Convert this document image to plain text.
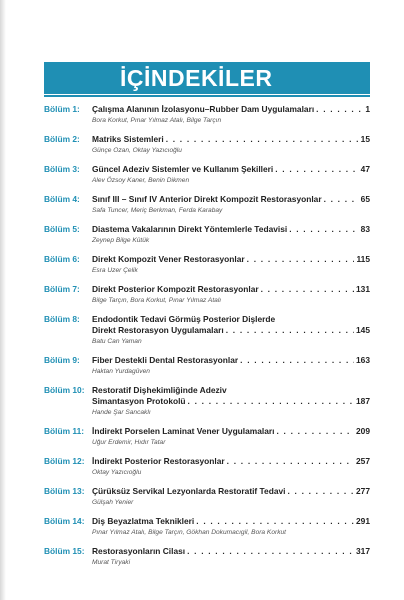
İÇİNDEKİLER
Bölüm 1:	Çalışma Alanının İzolasyonu–Rubber Dam Uygulamaları . . .	1
Bora Korkut, Pınar Yılmaz Atalı, Bilge Tarçın
Bölüm 2:	Matriks Sistemleri . . .	15
Günçe Ozan, Oktay Yazıcıoğlu
Bölüm 3:	Güncel Adeziv Sistemler ve Kullanım Şekilleri . . .	47
Alev Özsoy Kaner, Benin Dikmen
Bölüm 4:	Sınıf III – Sınıf IV Anterior Direkt Kompozit Restorasyonlar . . .	65
Safa Tuncer, Meriç Berkman, Ferda Karabay
Bölüm 5:	Diastema Vakalarının Direkt Yöntemlerle Tedavisi . . .	83
Zeynep Bilge Kütük
Bölüm 6:	Direkt Kompozit Vener Restorasyonlar . . .	115
Esra Uzer Çelik
Bölüm 7:	Direkt Posterior Kompozit Restorasyonlar . . .	131
Bilge Tarçın, Bora Korkut, Pınar Yılmaz Atalı
Bölüm 8:	Endodontik Tedavi Görmüş Posterior Dişlerde
Direkt Restorasyon Uygulamaları . . .	145
Batu Can Yaman
Bölüm 9:	Fiber Destekli Dental Restorasyonlar . . .	163
Haktan Yurdagüven
Bölüm 10: Restoratif Dişhekimliğinde Adeziv
Simantasyon Protokolü . . .	187
Hande Şar Sancaklı
Bölüm 11: İndirekt Porselen Laminat Vener Uygulamaları . . .	209
Uğur Erdemir, Hıdır Tatar
Bölüm 12: İndirekt Posterior Restorasyonlar . . .	257
Oktay Yazıcıoğlu
Bölüm 13: Çürüksüz Servikal Lezyonlarda Restoratif Tedavi . . .	277
Gülşah Yenier
Bölüm 14: Diş Beyazlatma Teknikleri . . .	291
Pınar Yılmaz Atalı, Bilge Tarçın, Gökhan Dokumacıgil, Bora Korkut
Bölüm 15: Restorasyonların Cilası . . .	317
Murat Tiryaki
